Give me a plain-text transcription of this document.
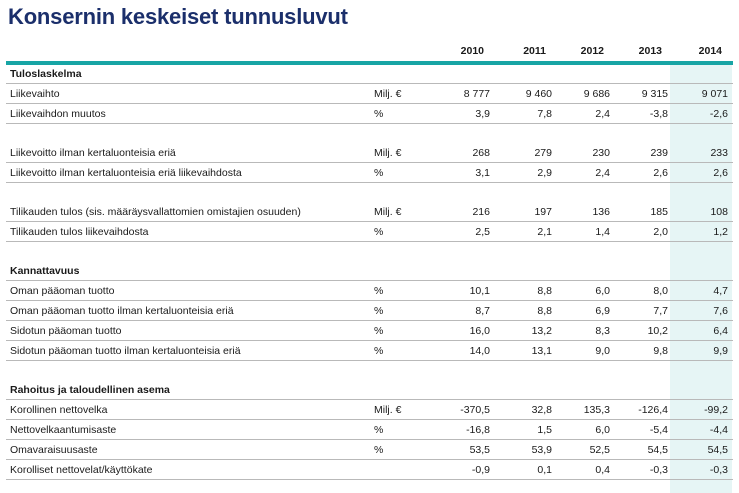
Konsernin keskeiset tunnusluvut
2010	2011	2012	2013	2014
Tuloslaskelma
Liikevaihto	Milj. €	8 777	9 460	9 686	9 315	9 071
Liikevaihdon muutos	%	3,9	7,8	2,4	-3,8	-2,6
Liikevoitto ilman kertaluonteisia eriä	Milj. €	268	279	230	239	233
Liikevoitto ilman kertaluonteisia eriä liikevaihdosta	%	3,1	2,9	2,4	2,6	2,6
Tilikauden tulos (sis. määräysvallattomien omistajien osuuden)	Milj. €	216	197	136	185	108
Tilikauden tulos liikevaihdosta	%	2,5	2,1	1,4	2,0	1,2
Kannattavuus
Oman pääoman tuotto	%	10,1	8,8	6,0	8,0	4,7
Oman pääoman tuotto ilman kertaluonteisia eriä	%	8,7	8,8	6,9	7,7	7,6
Sidotun pääoman tuotto	%	16,0	13,2	8,3	10,2	6,4
Sidotun pääoman tuotto ilman kertaluonteisia eriä	%	14,0	13,1	9,0	9,8	9,9
Rahoitus ja taloudellinen asema
Korollinen nettovelka	Milj. €	-370,5	32,8	135,3	-126,4	-99,2
Nettovelkaantumisaste	%	-16,8	1,5	6,0	-5,4	-4,4
Omavaraisuusaste	%	53,5	53,9	52,5	54,5	54,5
Korolliset nettovelat/käyttökate	-0,9	0,1	0,4	-0,3	-0,3
